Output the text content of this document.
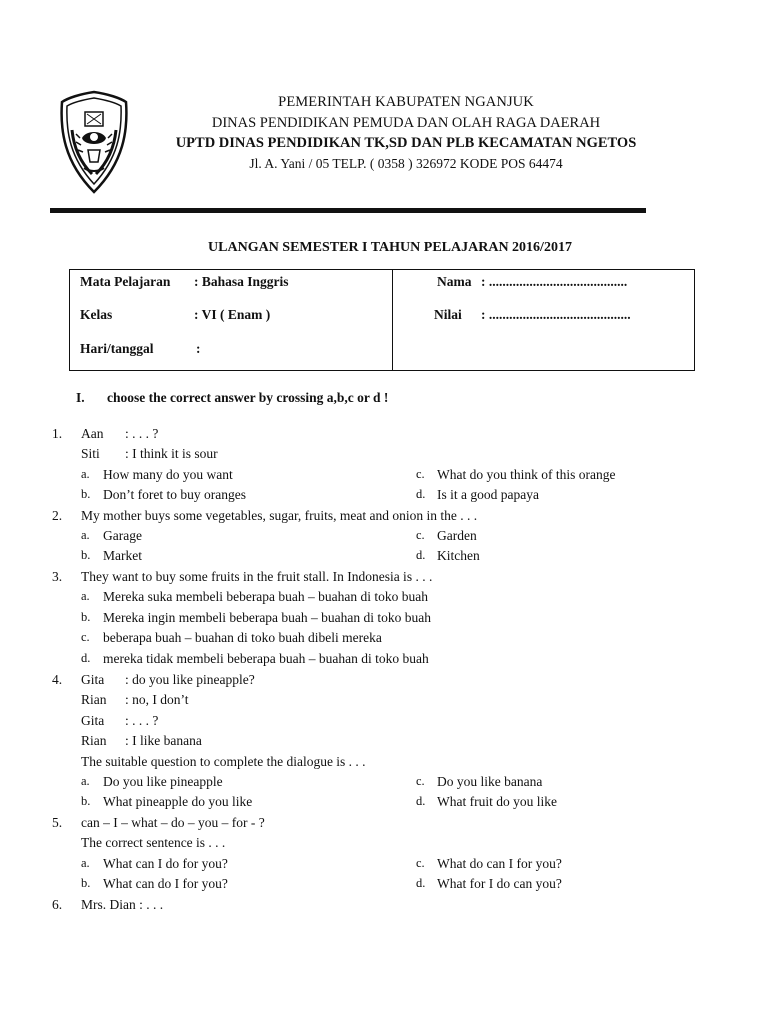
PEMERINTAH KABUPATEN NGANJUK
DINAS PENDIDIKAN PEMUDA DAN OLAH RAGA DAERAH
UPTD DINAS PENDIDIKAN TK,SD DAN PLB KECAMATAN NGETOS
Jl. A. Yani / 05 TELP. ( 0358 ) 326972 KODE POS 64474
ULANGAN SEMESTER I TAHUN PELAJARAN 2016/2017
Mata Pelajaran : Bahasa Inggris
Kelas	: VI ( Enam )
Hari/tanggal	:
Nama : .........................................
Nilai : ..........................................
I. choose the correct answer by crossing a,b,c or d !
1. Aan : . . . ?
Siti : I think it is sour
a. How many do you want	c. What do you think of this orange
b. Don’t foret to buy oranges	d. Is it a good papaya
2. My mother buys some vegetables, sugar, fruits, meat and onion in the . . .
a. Garage	c. Garden
b. Market	d. Kitchen
3. They want to buy some fruits in the fruit stall. In Indonesia is . . .
a. Mereka suka membeli beberapa buah – buahan di toko buah
b. Mereka ingin membeli beberapa buah – buahan di toko buah
c. beberapa buah – buahan di toko buah dibeli mereka
d. mereka tidak membeli beberapa buah – buahan di toko buah
4. Gita : do you like pineapple?
Rian : no, I don’t
Gita : . . . ?
Rian : I like banana
The suitable question to complete the dialogue is . . .
a. Do you like pineapple	c. Do you like banana
b. What pineapple do you like	d. What fruit do you like
5. can – I – what – do – you – for - ?
The correct sentence is . . .
a. What can I do for you?	c. What do can I for you?
b. What can do I for you?	d. What for I do can you?
6. Mrs. Dian : . . .
